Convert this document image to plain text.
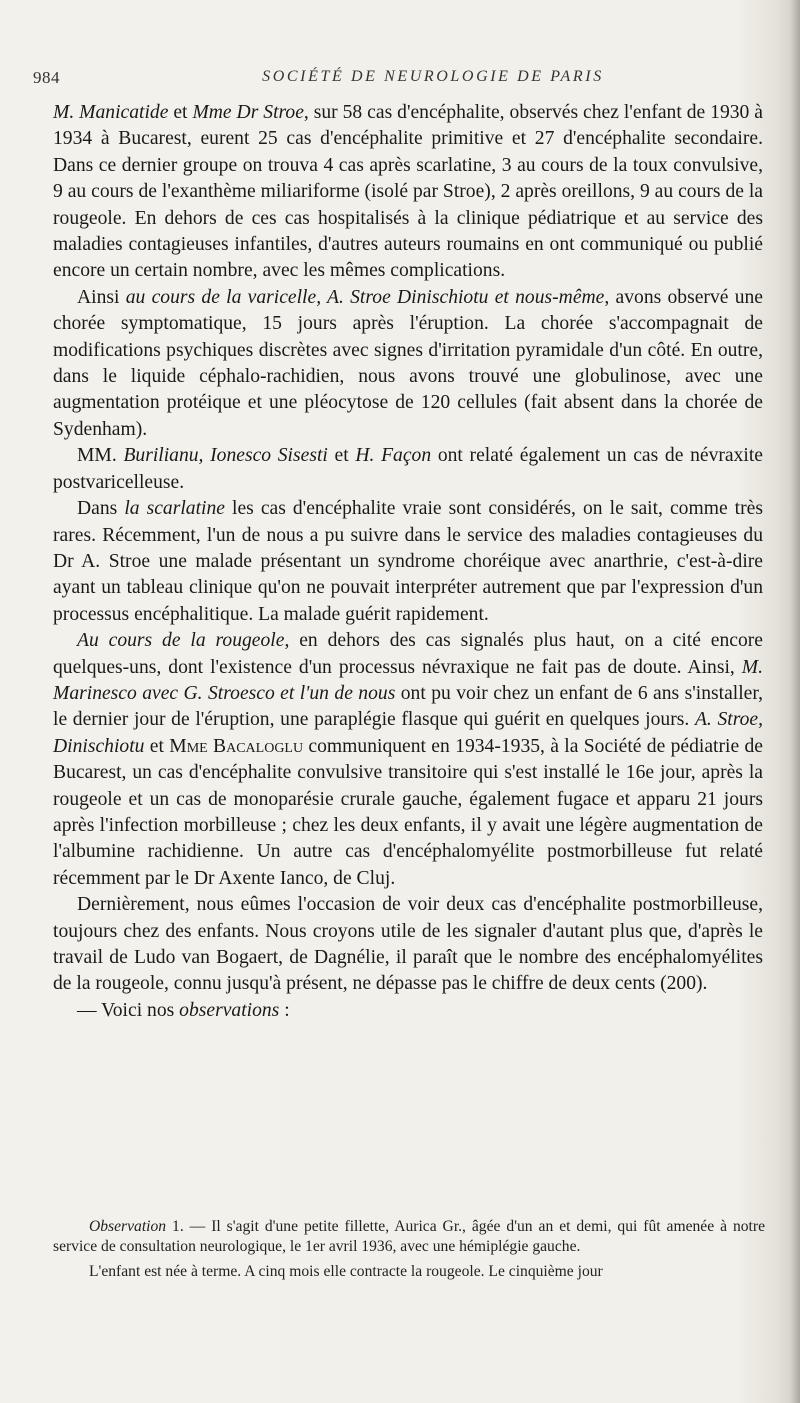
984	SOCIÉTÉ DE NEUROLOGIE DE PARIS

M. Manicatide et Mme Dr Stroe, sur 58 cas d'encéphalite, observés chez l'enfant de 1930 à 1934 à Bucarest, eurent 25 cas d'encéphalite primitive et 27 d'encéphalite secondaire. Dans ce dernier groupe on trouva 4 cas après scarlatine, 3 au cours de la toux convulsive, 9 au cours de l'exanthème miliariforme (isolé par Stroe), 2 après oreillons, 9 au cours de la rougeole. En dehors de ces cas hospitalisés à la clinique pédiatrique et au service des maladies contagieuses infantiles, d'autres auteurs roumains en ont communiqué ou publié encore un certain nombre, avec les mêmes complications.

Ainsi au cours de la varicelle, A. Stroe Dinischiotu et nous-même, avons observé une chorée symptomatique, 15 jours après l'éruption. La chorée s'accompagnait de modifications psychiques discrètes avec signes d'irritation pyramidale d'un côté. En outre, dans le liquide céphalo-rachidien, nous avons trouvé une globulinose, avec une augmentation protéique et une pléocytose de 120 cellules (fait absent dans la chorée de Sydenham).

MM. Burilianu, Ionesco Sisesti et H. Façon ont relaté également un cas de névraxite postvaricelleuse.

Dans la scarlatine les cas d'encéphalite vraie sont considérés, on le sait, comme très rares. Récemment, l'un de nous a pu suivre dans le service des maladies contagieuses du Dr A. Stroe une malade présentant un syndrome choréique avec anarthrie, c'est-à-dire ayant un tableau clinique qu'on ne pouvait interpréter autrement que par l'expression d'un processus encéphalitique. La malade guérit rapidement.

Au cours de la rougeole, en dehors des cas signalés plus haut, on a cité encore quelques-uns, dont l'existence d'un processus névraxique ne fait pas de doute. Ainsi, M. Marinesco avec G. Stroesco et l'un de nous ont pu voir chez un enfant de 6 ans s'installer, le dernier jour de l'éruption, une paraplégie flasque qui guérit en quelques jours. A. Stroe, Dinischiotu et Mme Bacaloglu communiquent en 1934-1935, à la Société de pédiatrie de Bucarest, un cas d'encéphalite convulsive transitoire qui s'est installé le 16e jour, après la rougeole et un cas de monoparésie crurale gauche, également fugace et apparu 21 jours après l'infection morbilleuse ; chez les deux enfants, il y avait une légère augmentation de l'albumine rachidienne. Un autre cas d'encéphalomyélite postmorbilleuse fut relaté récemment par le Dr Axente Ianco, de Cluj.

Dernièrement, nous eûmes l'occasion de voir deux cas d'encéphalite postmorbilleuse, toujours chez des enfants. Nous croyons utile de les signaler d'autant plus que, d'après le travail de Ludo van Bogaert, de Dagnélie, il paraît que le nombre des encéphalomyélites de la rougeole, connu jusqu'à présent, ne dépasse pas le chiffre de deux cents (200).

— Voici nos observations :

Observation 1. — Il s'agit d'une petite fillette, Aurica Gr., âgée d'un an et demi, qui fût amenée à notre service de consultation neurologique, le 1er avril 1936, avec une hémiplégie gauche.

L'enfant est née à terme. A cinq mois elle contracte la rougeole. Le cinquième jour
